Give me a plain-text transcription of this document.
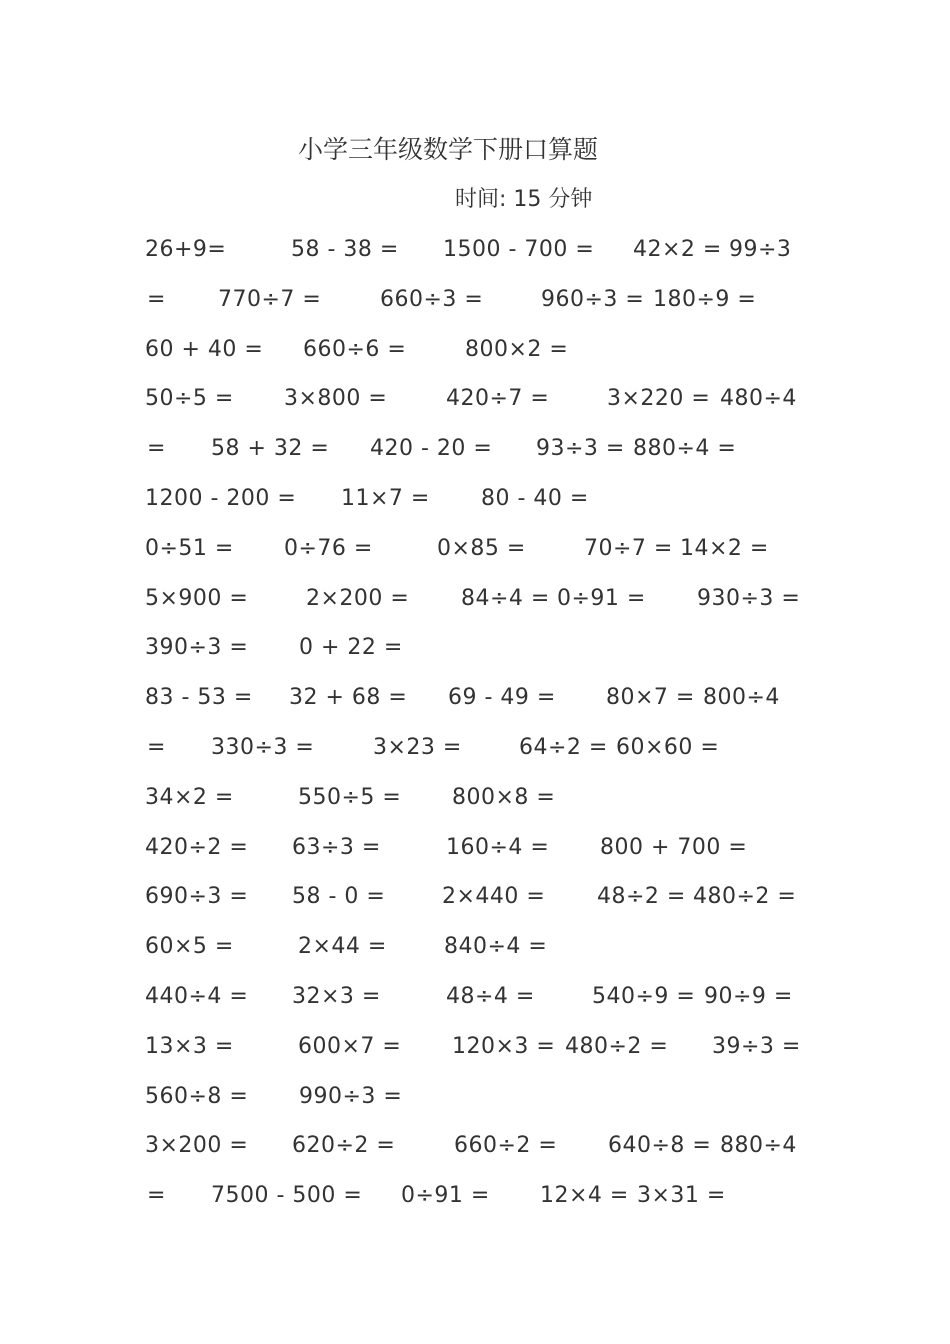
小学三年级数学下册口算题
时间: 15 分钟
26+9=	58 - 38 = 1500 - 700 = 42×2 = 99÷3
= 770÷7 =	660÷3 =	960÷3 = 180÷9 =
60 + 40 = 660÷6 =	800×2 =
50÷5 = 3×800 =	420÷7 =	3×220 = 480÷4
= 58 + 32 = 420 - 20 = 93÷3 = 880÷4 =
1200 - 200 = 11×7 = 80 - 40 =
0÷51 = 0÷76 =	0×85 =	70÷7 = 14×2 =
5×900 =	2×200 = 84÷4 = 0÷91 = 930÷3 =
390÷3 = 0 + 22 =
83 - 53 = 32 + 68 = 69 - 49 = 80×7 = 800÷4
= 330÷3 =	3×23 =	64÷2 = 60×60 =
34×2 =	550÷5 = 800×8 =
420÷2 = 63÷3 =	160÷4 = 800 + 700 =
690÷3 = 58 - 0 =	2×440 = 48÷2 = 480÷2 =
60×5 =	2×44 =	840÷4 =
440÷4 = 32×3 =	48÷4 =	540÷9 = 90÷9 =
13×3 =	600×7 = 120×3 = 480÷2 = 39÷3 =
560÷8 = 990÷3 =
3×200 = 620÷2 =	660÷2 = 640÷8 = 880÷4
= 7500 - 500 = 0÷91 = 12×4 = 3×31 =
